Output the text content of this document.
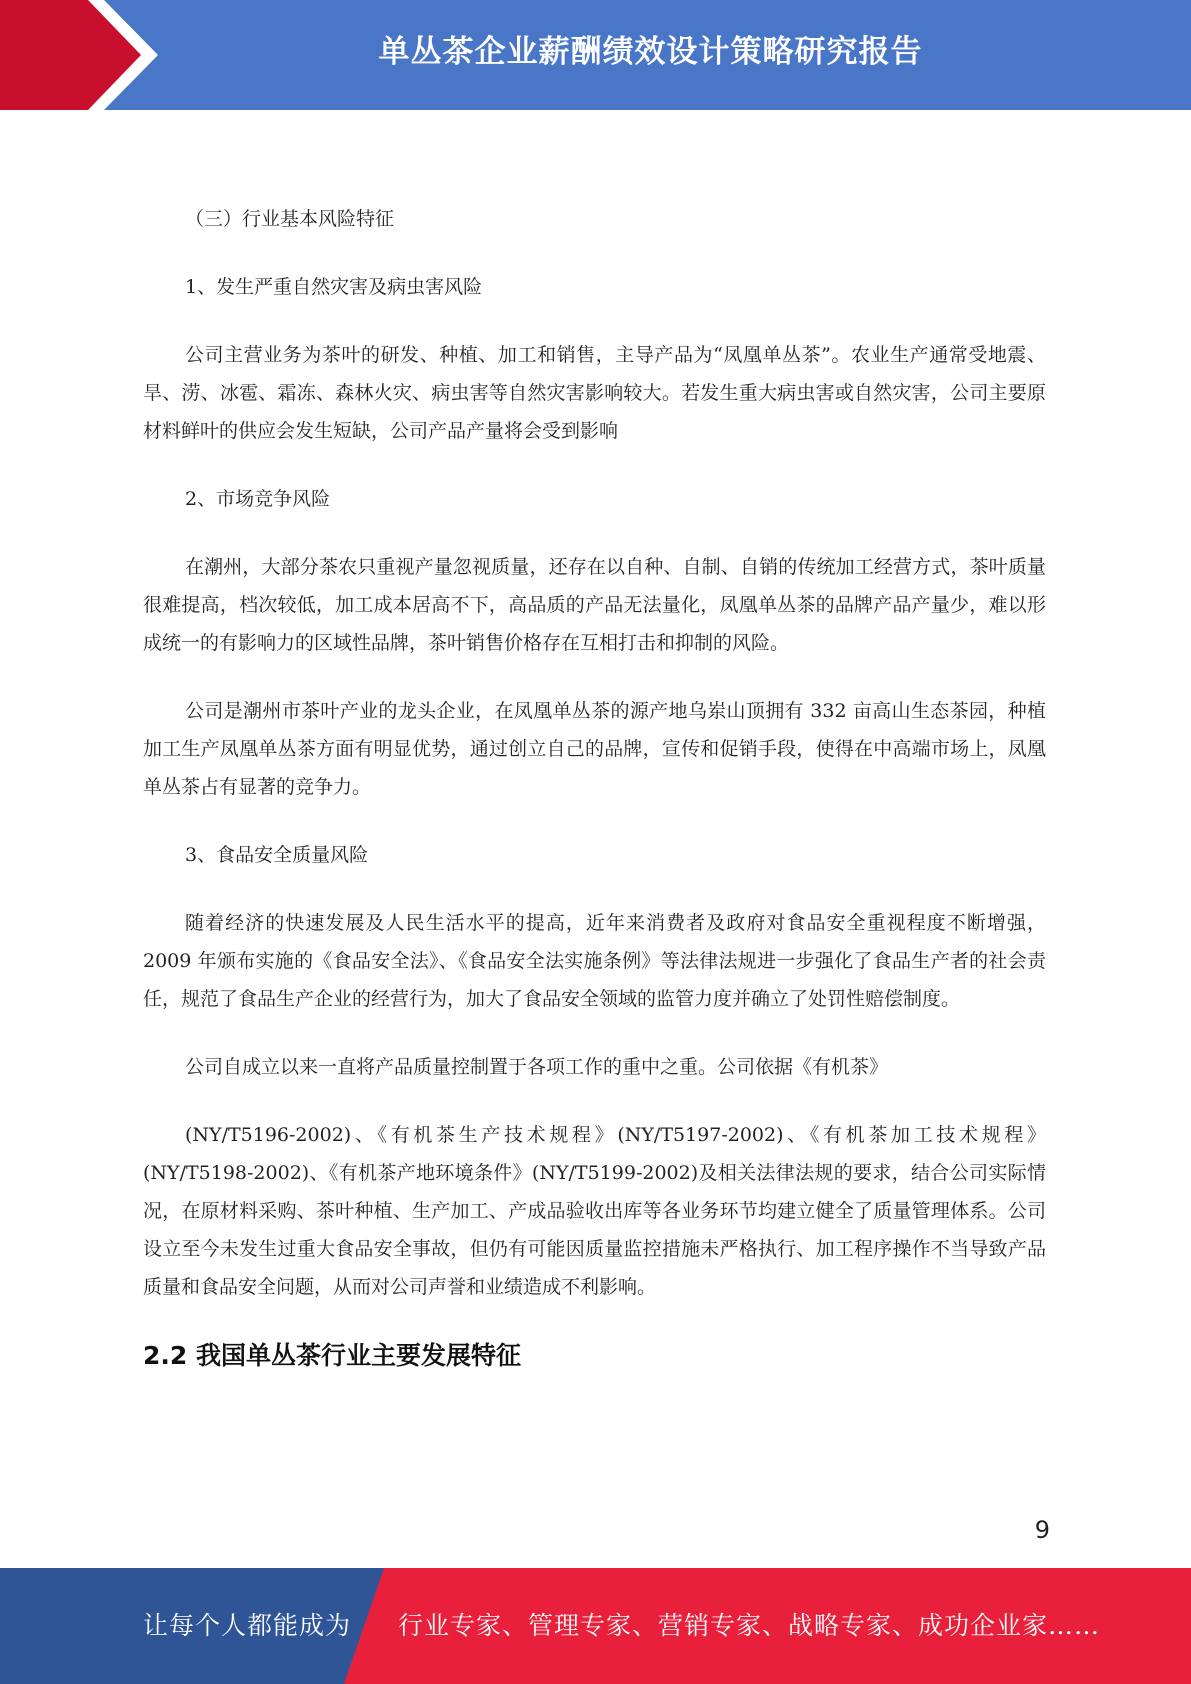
单丛茶企业薪酬绩效设计策略研究报告

（三）行业基本风险特征

1、发生严重自然灾害及病虫害风险

公司主营业务为茶叶的研发、种植、加工和销售，主导产品为“凤凰单丛茶”。农业生产通常受地震、旱、涝、冰雹、霜冻、森林火灾、病虫害等自然灾害影响较大。若发生重大病虫害或自然灾害，公司主要原材料鲜叶的供应会发生短缺，公司产品产量将会受到影响

2、市场竞争风险

在潮州，大部分茶农只重视产量忽视质量，还存在以自种、自制、自销的传统加工经营方式，茶叶质量很难提高，档次较低，加工成本居高不下，高品质的产品无法量化，凤凰单丛茶的品牌产品产量少，难以形成统一的有影响力的区域性品牌，茶叶销售价格存在互相打击和抑制的风险。

公司是潮州市茶叶产业的龙头企业，在凤凰单丛茶的源产地乌岽山顶拥有 332 亩高山生态茶园，种植加工生产凤凰单丛茶方面有明显优势，通过创立自己的品牌，宣传和促销手段，使得在中高端市场上，凤凰单丛茶占有显著的竞争力。

3、食品安全质量风险

随着经济的快速发展及人民生活水平的提高，近年来消费者及政府对食品安全重视程度不断增强，2009 年颁布实施的《食品安全法》、《食品安全法实施条例》等法律法规进一步强化了食品生产者的社会责任，规范了食品生产企业的经营行为，加大了食品安全领域的监管力度并确立了处罚性赔偿制度。

公司自成立以来一直将产品质量控制置于各项工作的重中之重。公司依据《有机茶》

(NY/T5196-2002)、《有机茶生产技术规程》(NY/T5197-2002)、《有机茶加工技术规程》(NY/T5198-2002)、《有机茶产地环境条件》(NY/T5199-2002)及相关法律法规的要求，结合公司实际情况，在原材料采购、茶叶种植、生产加工、产成品验收出库等各业务环节均建立健全了质量管理体系。公司设立至今未发生过重大食品安全事故，但仍有可能因质量监控措施未严格执行、加工程序操作不当导致产品质量和食品安全问题，从而对公司声誉和业绩造成不利影响。

2.2 我国单丛茶行业主要发展特征
9
让每个人都能成为 行业专家、管理专家、营销专家、战略专家、成功企业家……
